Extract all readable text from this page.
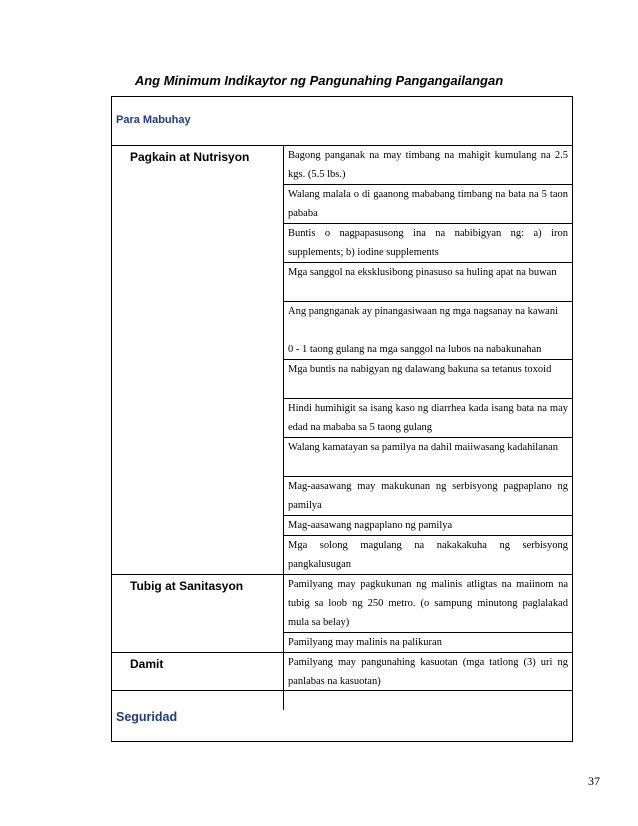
Ang Minimum Indikaytor ng Pangunahing Pangangailangan
Para Mabuhay
Pagkain at Nutrisyon	Bagong panganak na may timbang na mahigit kumulang na 2.5 kgs. (5.5 lbs.)
	Walang malala o di gaanong mababang timbang na bata na 5 taon pababa
	Buntis o nagpapasusong ina na nabibigyan ng: a) iron supplements; b) iodine supplements
	Mga sanggol na eksklusibong pinasuso sa huling apat na buwan
	Ang pangnganak ay pinangasiwaan ng mga nagsanay na kawani
	0 - 1 taong gulang na mga sanggol na lubos na nabakunahan
	Mga buntis na nabigyan ng dalawang bakuna sa tetanus toxoid
	Hindi humihigit sa isang kaso ng diarrhea kada isang bata na may edad na mababa sa 5 taong gulang
	Walang kamatayan sa pamilya na dahil maiiwasang kadahilanan
	Mag-aasawang may makukunan ng serbisyong pagpaplano ng pamilya
	Mag-aasawang nagpaplano ng pamilya
	Mga solong magulang na nakakakuha ng serbisyong pangkalusugan

Tubig at Sanitasyon	Pamilyang may pagkukunan ng malinis atligtas na maiinom na tubig sa loob ng 250 metro. (o sampung minutong paglalakad mula sa belay)
	Pamilyang may malinis na palikuran

Damit	Pamilyang may pangunahing kasuotan (mga tatlong (3) uri ng panlabas na kasuotan)
Seguridad
37
